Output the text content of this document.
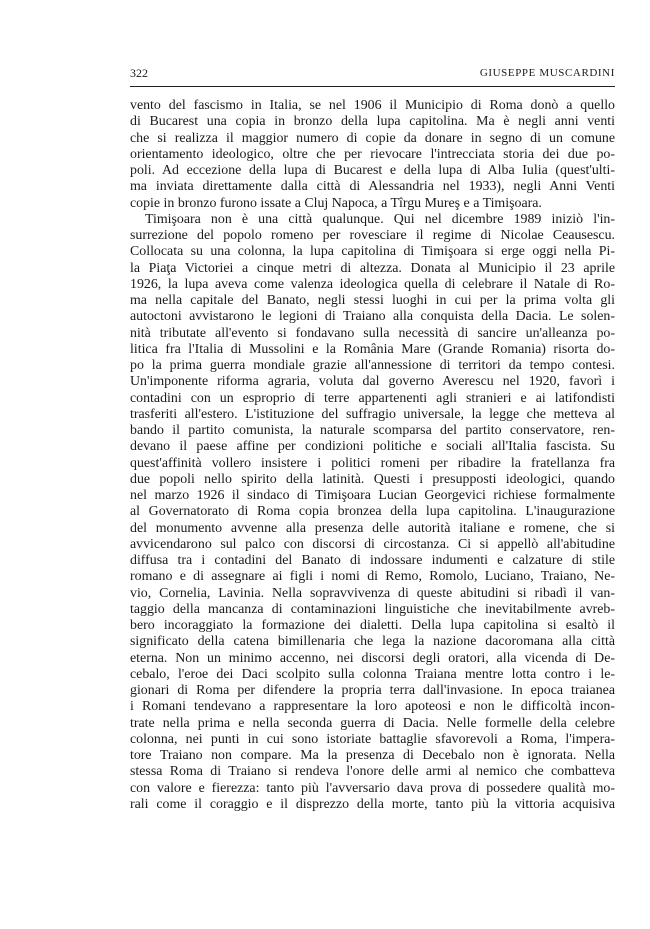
322	GIUSEPPE MUSCARDINI
vento del fascismo in Italia, se nel 1906 il Municipio di Roma donò a quello
di Bucarest una copia in bronzo della lupa capitolina. Ma è negli anni venti
che si realizza il maggior numero di copie da donare in segno di un comune
orientamento ideologico, oltre che per rievocare l'intrecciata storia dei due po-
poli. Ad eccezione della lupa di Bucarest e della lupa di Alba Iulia (quest'ulti-
ma inviata direttamente dalla città di Alessandria nel 1933), negli Anni Venti
copie in bronzo furono issate a Cluj Napoca, a Tîrgu Mureş e a Timişoara.
Timişoara non è una città qualunque. Qui nel dicembre 1989 iniziò l'in-
surrezione del popolo romeno per rovesciare il regime di Nicolae Ceausescu.
Collocata su una colonna, la lupa capitolina di Timişoara si erge oggi nella Pi-
la Piaţa Victoriei a cinque metri di altezza. Donata al Municipio il 23 aprile
1926, la lupa aveva come valenza ideologica quella di celebrare il Natale di Ro-
ma nella capitale del Banato, negli stessi luoghi in cui per la prima volta gli
autoctoni avvistarono le legioni di Traiano alla conquista della Dacia. Le solen-
nità tributate all'evento si fondavano sulla necessità di sancire un'alleanza po-
litica fra l'Italia di Mussolini e la România Mare (Grande Romania) risorta do-
po la prima guerra mondiale grazie all'annessione di territori da tempo contesi.
Un'imponente riforma agraria, voluta dal governo Averescu nel 1920, favorì i
contadini con un esproprio di terre appartenenti agli stranieri e ai latifondisti
trasferiti all'estero. L'istituzione del suffragio universale, la legge che metteva al
bando il partito comunista, la naturale scomparsa del partito conservatore, ren-
devano il paese affine per condizioni politiche e sociali all'Italia fascista. Su
quest'affinità vollero insistere i politici romeni per ribadire la fratellanza fra
due popoli nello spirito della latinità. Questi i presupposti ideologici, quando
nel marzo 1926 il sindaco di Timişoara Lucian Georgevici richiese formalmente
al Governatorato di Roma copia bronzea della lupa capitolina. L'inaugurazione
del monumento avvenne alla presenza delle autorità italiane e romene, che si
avvicendarono sul palco con discorsi di circostanza. Ci si appellò all'abitudine
diffusa tra i contadini del Banato di indossare indumenti e calzature di stile
romano e di assegnare ai figli i nomi di Remo, Romolo, Luciano, Traiano, Ne-
vio, Cornelia, Lavinia. Nella sopravvivenza di queste abitudini si ribadì il van-
taggio della mancanza di contaminazioni linguistiche che inevitabilmente avreb-
bero incoraggiato la formazione dei dialetti. Della lupa capitolina si esaltò il
significato della catena bimillenaria che lega la nazione dacoromana alla città
eterna. Non un minimo accenno, nei discorsi degli oratori, alla vicenda di De-
cebalo, l'eroe dei Daci scolpito sulla colonna Traiana mentre lotta contro i le-
gionari di Roma per difendere la propria terra dall'invasione. In epoca traianea
i Romani tendevano a rappresentare la loro apoteosi e non le difficoltà incon-
trate nella prima e nella seconda guerra di Dacia. Nelle formelle della celebre
colonna, nei punti in cui sono istoriate battaglie sfavorevoli a Roma, l'impera-
tore Traiano non compare. Ma la presenza di Decebalo non è ignorata. Nella
stessa Roma di Traiano si rendeva l'onore delle armi al nemico che combatteva
con valore e fierezza: tanto più l'avversario dava prova di possedere qualità mo-
rali come il coraggio e il disprezzo della morte, tanto più la vittoria acquisiva
